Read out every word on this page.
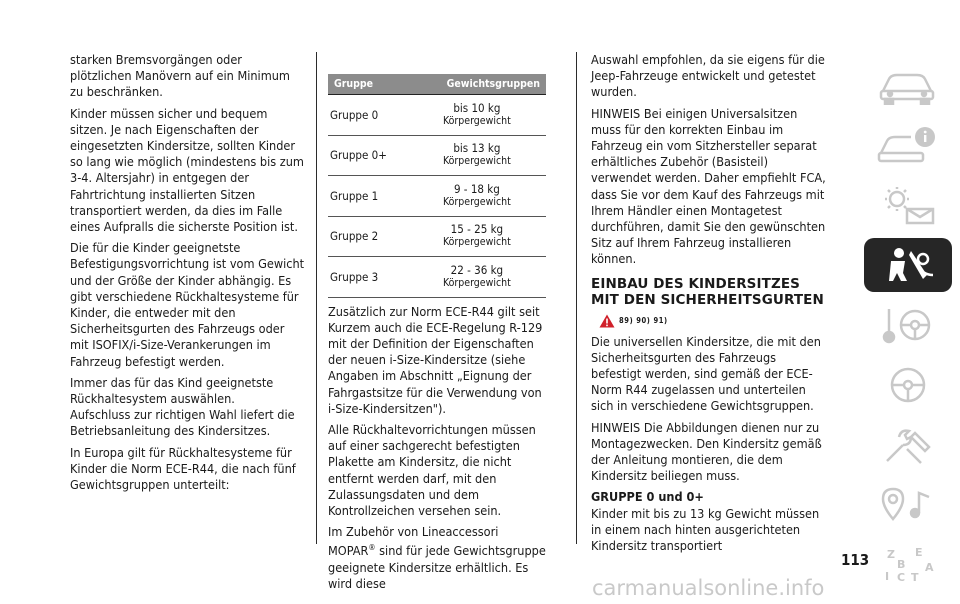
starken Bremsvorgängen oder plötzlichen Manövern auf ein Minimum zu beschränken.

Kinder müssen sicher und bequem sitzen. Je nach Eigenschaften der eingesetzten Kindersitze, sollten Kinder so lang wie möglich (mindestens bis zum 3-4. Altersjahr) in entgegen der Fahrtrichtung installierten Sitzen transportiert werden, da dies im Falle eines Aufpralls die sicherste Position ist.

Die für die Kinder geeignetste Befestigungsvorrichtung ist vom Gewicht und der Größe der Kinder abhängig. Es gibt verschiedene Rückhaltesysteme für Kinder, die entweder mit den Sicherheitsgurten des Fahrzeugs oder mit ISOFIX/i-Size-Verankerungen im Fahrzeug befestigt werden.

Immer das für das Kind geeignetste Rückhaltesystem auswählen.

Aufschluss zur richtigen Wahl liefert die Betriebsanleitung des Kindersitzes.

In Europa gilt für Rückhaltesysteme für Kinder die Norm ECE-R44, die nach fünf Gewichtsgruppen unterteilt:

Gruppe	Gewichtsgruppen
Gruppe 0	bis 10 kg
Körpergewicht

Gruppe 0+	bis 13 kg
Körpergewicht

Gruppe 1	9 - 18 kg
Körpergewicht

Gruppe 2	15 - 25 kg
Körpergewicht

Gruppe 3	22 - 36 kg
Körpergewicht

Zusätzlich zur Norm ECE-R44 gilt seit Kurzem auch die ECE-Regelung R-129 mit der Definition der Eigenschaften der neuen i-Size-Kindersitze (siehe Angaben im Abschnitt „Eignung der Fahrgastsitze für die Verwendung von i-Size-Kindersitzen").

Alle Rückhaltevorrichtungen müssen auf einer sachgerecht befestigten Plakette am Kindersitz, die nicht entfernt werden darf, mit den Zulassungsdaten und dem Kontrollzeichen versehen sein.

Im Zubehör von Lineaccessori MOPAR® sind für jede Gewichtsgruppe geeignete Kindersitze erhältlich. Es wird diese

Auswahl empfohlen, da sie eigens für die Jeep-Fahrzeuge entwickelt und getestet wurden.

HINWEIS Bei einigen Universalsitzen muss für den korrekten Einbau im Fahrzeug ein vom Sitzhersteller separat erhältliches Zubehör (Basisteil) verwendet werden. Daher empfiehlt FCA, dass Sie vor dem Kauf des Fahrzeugs mit Ihrem Händler einen Montagetest durchführen, damit Sie den gewünschten Sitz auf Ihrem Fahrzeug installieren können.

EINBAU DES KINDERSITZES MIT DEN SICHERHEITSGURTEN
89) 90) 91)

Die universellen Kindersitze, die mit den Sicherheitsgurten des Fahrzeugs befestigt werden, sind gemäß der ECE-Norm R44 zugelassen und unterteilen sich in verschiedene Gewichtsgruppen.

HINWEIS Die Abbildungen dienen nur zu Montagezwecken. Den Kindersitz gemäß der Anleitung montieren, die dem Kindersitz beiliegen muss.

GRUPPE 0 und 0+

Kinder mit bis zu 13 kg Gewicht müssen in einem nach hinten ausgerichteten Kindersitz transportiert

Z E
B
I C T
A
113
carmanualsonline.info
